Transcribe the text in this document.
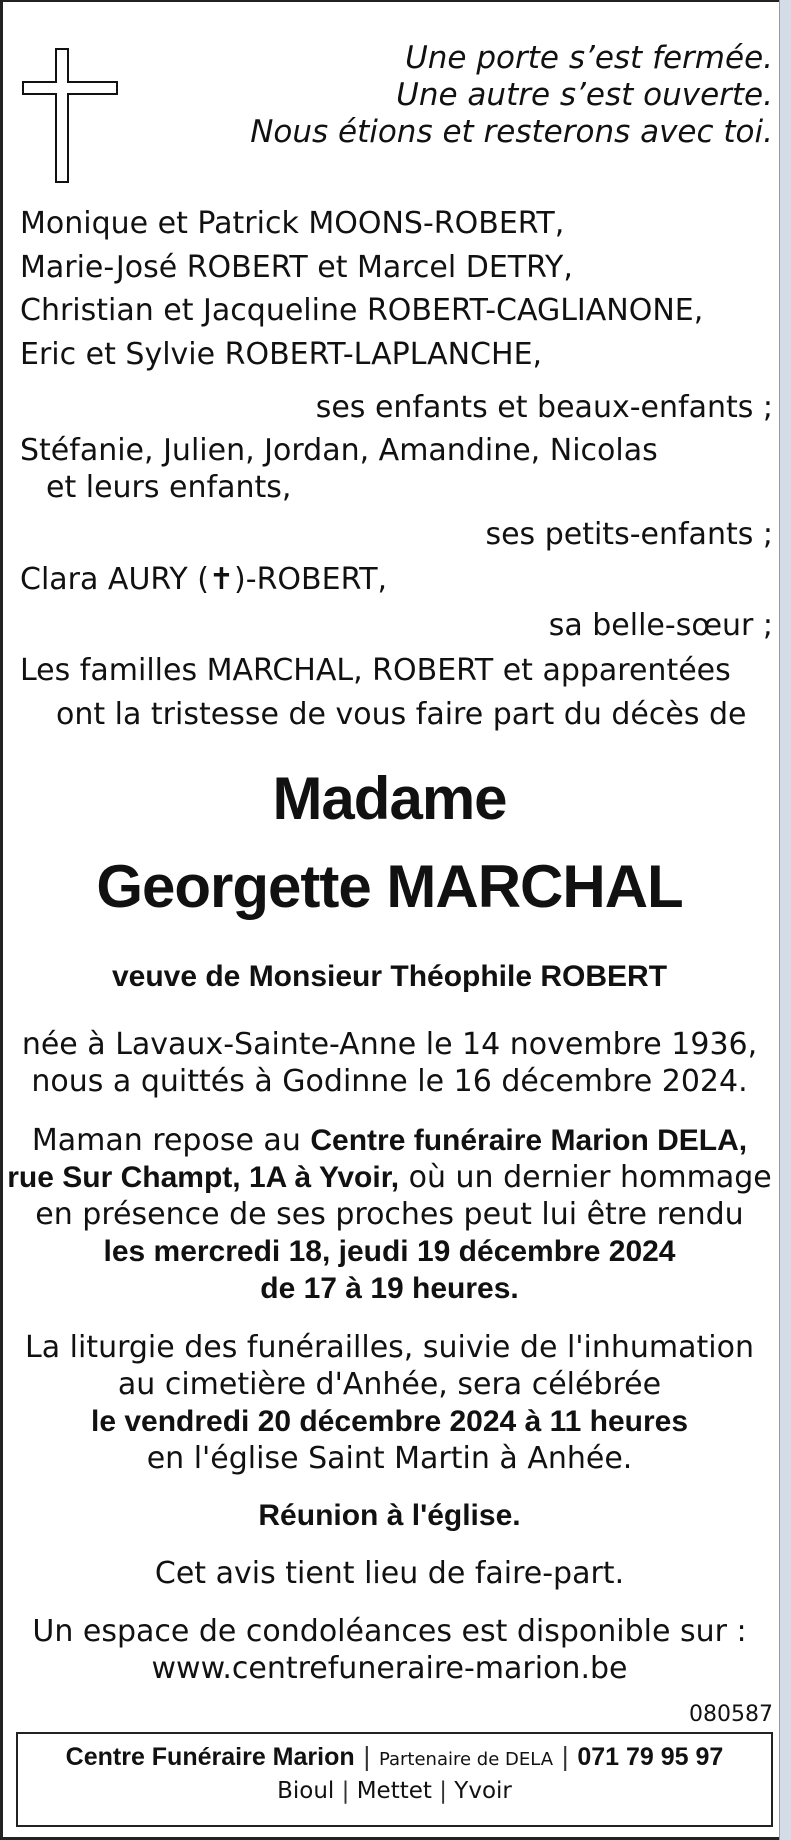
Une porte s’est fermée.
Une autre s’est ouverte.
Nous étions et resterons avec toi.
Monique et Patrick MOONS-ROBERT,
Marie-José ROBERT et Marcel DETRY,
Christian et Jacqueline ROBERT-CAGLIANONE,
Eric et Sylvie ROBERT-LAPLANCHE,
ses enfants et beaux-enfants ;
Stéfanie, Julien, Jordan, Amandine, Nicolas
et leurs enfants,
ses petits-enfants ;
Clara AURY (✝)-ROBERT,
sa belle-sœur ;
Les familles MARCHAL, ROBERT et apparentées
ont la tristesse de vous faire part du décès de
Madame
Georgette MARCHAL
veuve de Monsieur Théophile ROBERT
née à Lavaux-Sainte-Anne le 14 novembre 1936,
nous a quittés à Godinne le 16 décembre 2024.
Maman repose au Centre funéraire Marion DELA,
rue Sur Champt, 1A à Yvoir, où un dernier hommage
en présence de ses proches peut lui être rendu
les mercredi 18, jeudi 19 décembre 2024
de 17 à 19 heures.
La liturgie des funérailles, suivie de l'inhumation
au cimetière d'Anhée, sera célébrée
le vendredi 20 décembre 2024 à 11 heures
en l'église Saint Martin à Anhée.
Réunion à l'église.
Cet avis tient lieu de faire-part.
Un espace de condoléances est disponible sur :
www.centrefuneraire-marion.be
080587
Centre Funéraire Marion | Partenaire de DELA | 071 79 95 97
Bioul | Mettet | Yvoir
